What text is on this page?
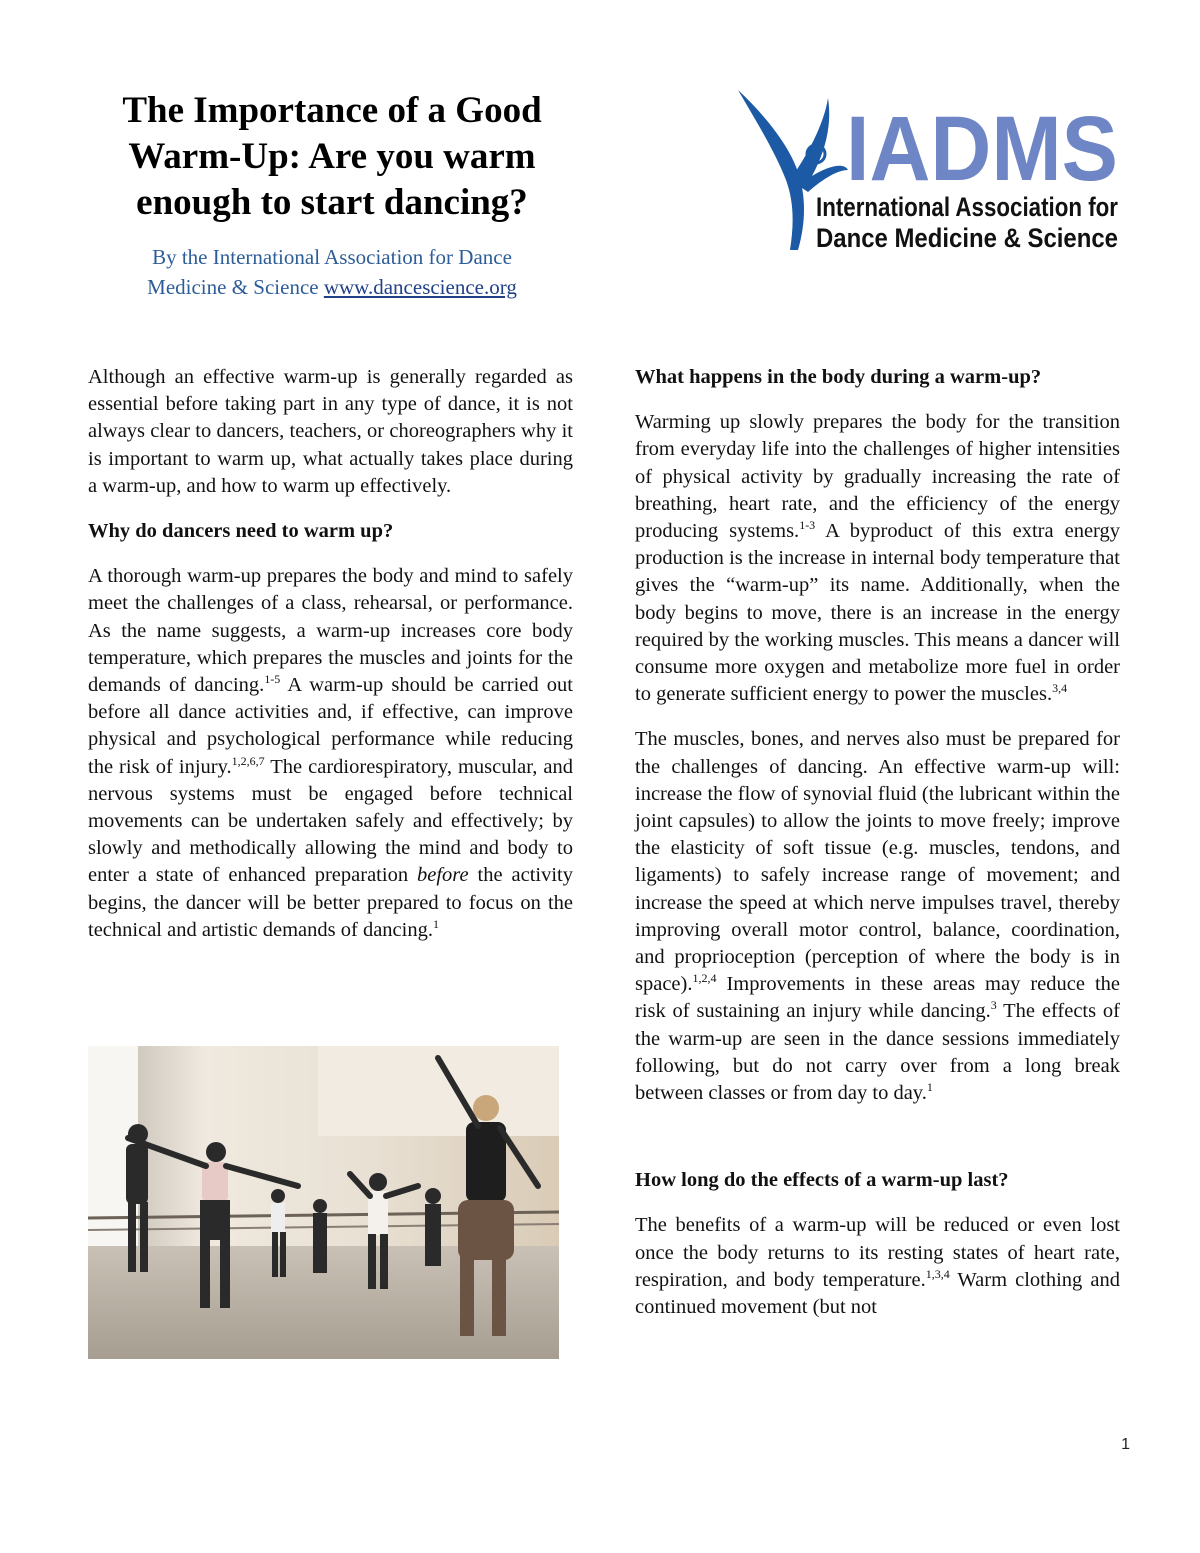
The Importance of a Good
Warm-Up: Are you warm
enough to start dancing?

By the International Association for Dance
Medicine & Science www.dancescience.org

IADMS
International Association for
Dance Medicine & Science

Although an effective warm-up is generally regarded as essential before taking part in any type of dance, it is not always clear to dancers, teachers, or choreographers why it is important to warm up, what actually takes place during a warm-up, and how to warm up effectively.

Why do dancers need to warm up?

A thorough warm-up prepares the body and mind to safely meet the challenges of a class, rehearsal, or performance. As the name suggests, a warm-up increases core body temperature, which prepares the muscles and joints for the demands of dancing.$^{1-5}$ A warm-up should be carried out before all dance activities and, if effective, can improve physical and psychological performance while reducing the risk of injury.$^{1,2,6,7}$ The cardiorespiratory, muscular, and nervous systems must be engaged before technical movements can be undertaken safely and effectively; by slowly and methodically allowing the mind and body to enter a state of enhanced preparation before the activity begins, the dancer will be better prepared to focus on the technical and artistic demands of dancing.$^1$

What happens in the body during a warm-up?

Warming up slowly prepares the body for the transition from everyday life into the challenges of higher intensities of physical activity by gradually increasing the rate of breathing, heart rate, and the efficiency of the energy producing systems.$^{1-3}$ A byproduct of this extra energy production is the increase in internal body temperature that gives the “warm-up” its name. Additionally, when the body begins to move, there is an increase in the energy required by the working muscles. This means a dancer will consume more oxygen and metabolize more fuel in order to generate sufficient energy to power the muscles.$^{3,4}$

The muscles, bones, and nerves also must be prepared for the challenges of dancing. An effective warm-up will: increase the flow of synovial fluid (the lubricant within the joint capsules) to allow the joints to move freely; improve the elasticity of soft tissue (e.g. muscles, tendons, and ligaments) to safely increase range of movement; and increase the speed at which nerve impulses travel, thereby improving overall motor control, balance, coordination, and proprioception (perception of where the body is in space).$^{1,2,4}$ Improvements in these areas may reduce the risk of sustaining an injury while dancing.$^3$ The effects of the warm-up are seen in the dance sessions immediately following, but do not carry over from a long break between classes or from day to day.$^1$

How long do the effects of a warm-up last?

The benefits of a warm-up will be reduced or even lost once the body returns to its resting states of heart rate, respiration, and body temperature.$^{1,3,4}$ Warm clothing and continued movement (but not

1
